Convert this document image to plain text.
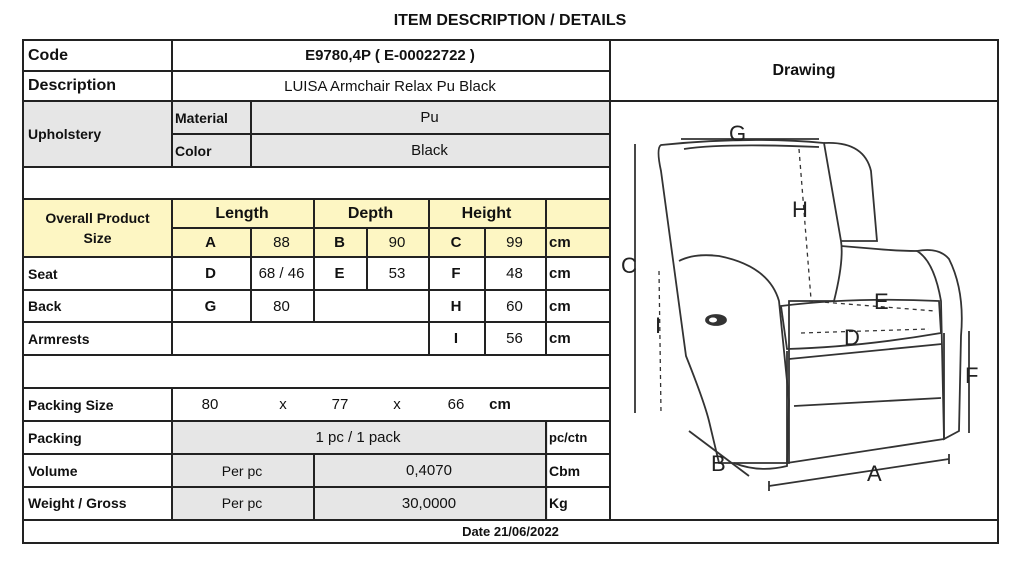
ITEM DESCRIPTION / DETAILS
Code	E9780,4P ( E-00022722 )
Drawing
Description	LUISA Armchair Relax Pu Black
Upholstery
Material	Pu
Color	Black
Overall Product
Size
Length	Depth	Height
A	88	B	90	C	99	cm
Seat	D	68 / 46	E	53	F	48	cm
Back	G	80	H	60	cm
Armrests	I	56	cm
Packing Size	80	x	77	x	66	cm
Packing	1 pc / 1 pack	pc/ctn
Volume	Per pc	0,4070	Cbm
Weight / Gross	Per pc	30,0000	Kg
Date 21/06/2022
G
H
C
I
E
D
F
B	A
